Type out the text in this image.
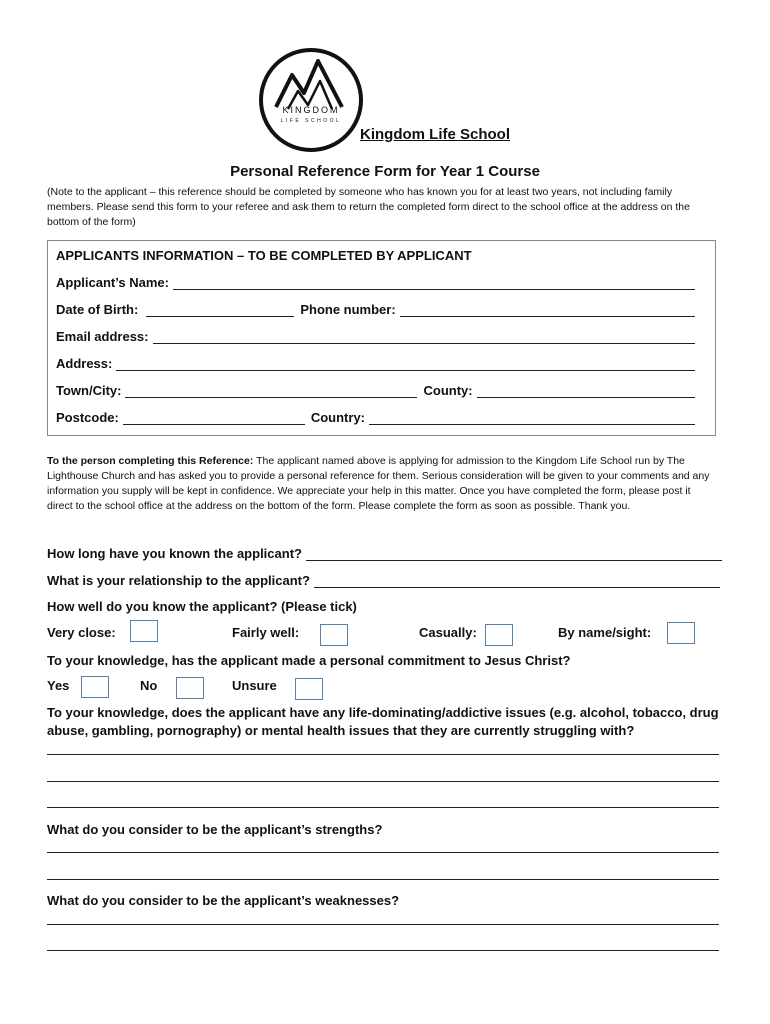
KINGDOM
LIFE SCHOOL
Kingdom Life School
Personal Reference Form for Year 1 Course
(Note to the applicant – this reference should be completed by someone who has known you for at least two years, not including family members. Please send this form to your referee and ask them to return the completed form direct to the school office at the address on the bottom of the form)
APPLICANTS INFORMATION – TO BE COMPLETED BY APPLICANT
Applicant’s Name:
Date of Birth:	Phone number:
Email address:
Address:
Town/City:	County:
Postcode:	Country:
To the person completing this Reference: The applicant named above is applying for admission to the Kingdom Life School run by The Lighthouse Church and has asked you to provide a personal reference for them. Serious consideration will be given to your comments and any information you supply will be kept in confidence. We appreciate your help in this matter. Once you have completed the form, please post it direct to the school office at the address on the bottom of the form. Please complete the form as soon as possible. Thank you.
How long have you known the applicant?
What is your relationship to the applicant?
How well do you know the applicant? (Please tick)
Very close:	Fairly well:	Casually:	By name/sight:
To your knowledge, has the applicant made a personal commitment to Jesus Christ?
Yes	No	Unsure
To your knowledge, does the applicant have any life-dominating/addictive issues (e.g. alcohol, tobacco, drug abuse, gambling, pornography) or mental health issues that they are currently struggling with?
What do you consider to be the applicant’s strengths?
What do you consider to be the applicant’s weaknesses?
